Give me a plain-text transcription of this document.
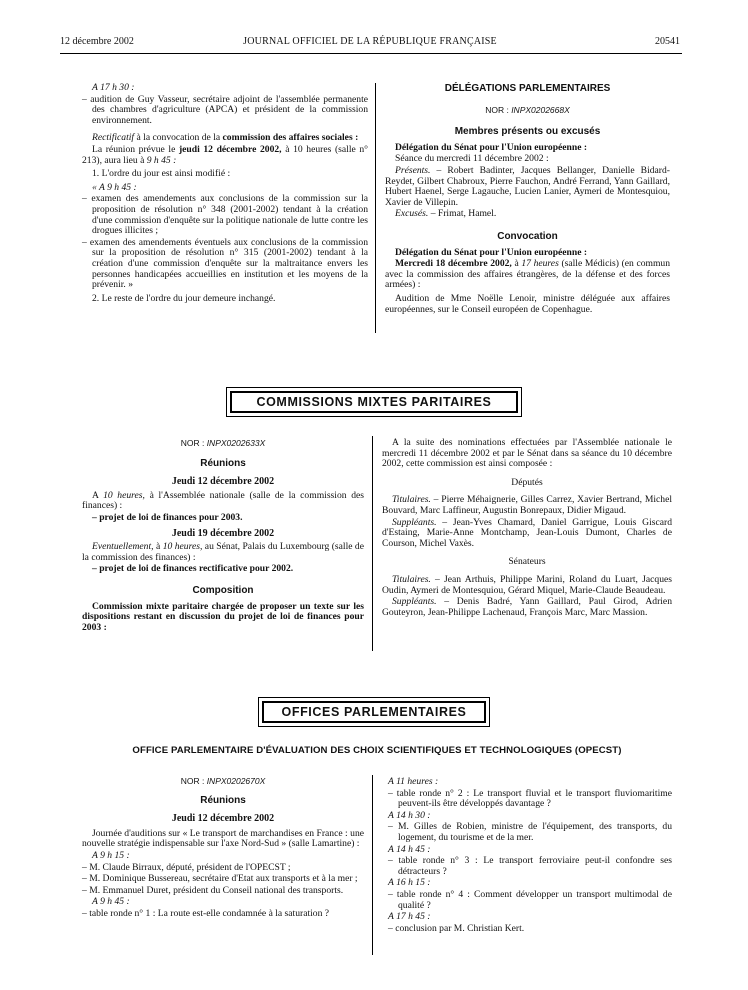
12 décembre 2002	JOURNAL OFFICIEL DE LA RÉPUBLIQUE FRANÇAISE	20541

A 17 h 30 :

– audition de Guy Vasseur, secrétaire adjoint de l'assemblée permanente des chambres d'agriculture (APCA) et président de la commission environnement.

Rectificatif à la convocation de la commission des affaires sociales :

La réunion prévue le jeudi 12 décembre 2002, à 10 heures (salle n° 213), aura lieu à 9 h 45 :

1. L'ordre du jour est ainsi modifié :

« A 9 h 45 :

– examen des amendements aux conclusions de la commission sur la proposition de résolution n° 348 (2001-2002) tendant à la création d'une commission d'enquête sur la politique nationale de lutte contre les drogues illicites ;

– examen des amendements éventuels aux conclusions de la commission sur la proposition de résolution n° 315 (2001-2002) tendant à la création d'une commission d'enquête sur la maltraitance envers les personnes handicapées accueillies en institution et les moyens de la prévenir. »

2. Le reste de l'ordre du jour demeure inchangé.

DÉLÉGATIONS PARLEMENTAIRES

NOR : INPX0202668X

Membres présents ou excusés

Délégation du Sénat pour l'Union européenne :

Séance du mercredi 11 décembre 2002 :

Présents. – Robert Badinter, Jacques Bellanger, Danielle Bidard-Reydet, Gilbert Chabroux, Pierre Fauchon, André Ferrand, Yann Gaillard, Hubert Haenel, Serge Lagauche, Lucien Lanier, Aymeri de Montesquiou, Xavier de Villepin.

Excusés. – Frimat, Hamel.

Convocation

Délégation du Sénat pour l'Union européenne :

Mercredi 18 décembre 2002, à 17 heures (salle Médicis) (en commun avec la commission des affaires étrangères, de la défense et des forces armées) :

Audition de Mme Noëlle Lenoir, ministre déléguée aux affaires européennes, sur le Conseil européen de Copenhague.

COMMISSIONS MIXTES PARITAIRES

NOR : INPX0202633X

Réunions

Jeudi 12 décembre 2002

A 10 heures, à l'Assemblée nationale (salle de la commission des finances) :

– projet de loi de finances pour 2003.

Jeudi 19 décembre 2002

Eventuellement, à 10 heures, au Sénat, Palais du Luxembourg (salle de la commission des finances) :

– projet de loi de finances rectificative pour 2002.

Composition

Commission mixte paritaire chargée de proposer un texte sur les dispositions restant en discussion du projet de loi de finances pour 2003 :

A la suite des nominations effectuées par l'Assemblée nationale le mercredi 11 décembre 2002 et par le Sénat dans sa séance du 10 décembre 2002, cette commission est ainsi composée :

Députés

Titulaires. – Pierre Méhaignerie, Gilles Carrez, Xavier Bertrand, Michel Bouvard, Marc Laffineur, Augustin Bonrepaux, Didier Migaud.

Suppléants. – Jean-Yves Chamard, Daniel Garrigue, Louis Giscard d'Estaing, Marie-Anne Montchamp, Jean-Louis Dumont, Charles de Courson, Michel Vaxès.

Sénateurs

Titulaires. – Jean Arthuis, Philippe Marini, Roland du Luart, Jacques Oudin, Aymeri de Montesquiou, Gérard Miquel, Marie-Claude Beaudeau.

Suppléants. – Denis Badré, Yann Gaillard, Paul Girod, Adrien Gouteyron, Jean-Philippe Lachenaud, François Marc, Marc Massion.

OFFICES PARLEMENTAIRES

OFFICE PARLEMENTAIRE D'ÉVALUATION DES CHOIX SCIENTIFIQUES ET TECHNOLOGIQUES (OPECST)

NOR : INPX0202670X

Réunions

Jeudi 12 décembre 2002

Journée d'auditions sur « Le transport de marchandises en France : une nouvelle stratégie indispensable sur l'axe Nord-Sud » (salle Lamartine) :

A 9 h 15 :

– M. Claude Birraux, député, président de l'OPECST ;

– M. Dominique Bussereau, secrétaire d'Etat aux transports et à la mer ;

– M. Emmanuel Duret, président du Conseil national des transports.

A 9 h 45 :

– table ronde n° 1 : La route est-elle condamnée à la saturation ?

A 11 heures :

– table ronde n° 2 : Le transport fluvial et le transport fluviomaritime peuvent-ils être développés davantage ?

A 14 h 30 :

– M. Gilles de Robien, ministre de l'équipement, des transports, du logement, du tourisme et de la mer.

A 14 h 45 :

– table ronde n° 3 : Le transport ferroviaire peut-il confondre ses détracteurs ?

A 16 h 15 :

– table ronde n° 4 : Comment développer un transport multimodal de qualité ?

A 17 h 45 :

– conclusion par M. Christian Kert.
